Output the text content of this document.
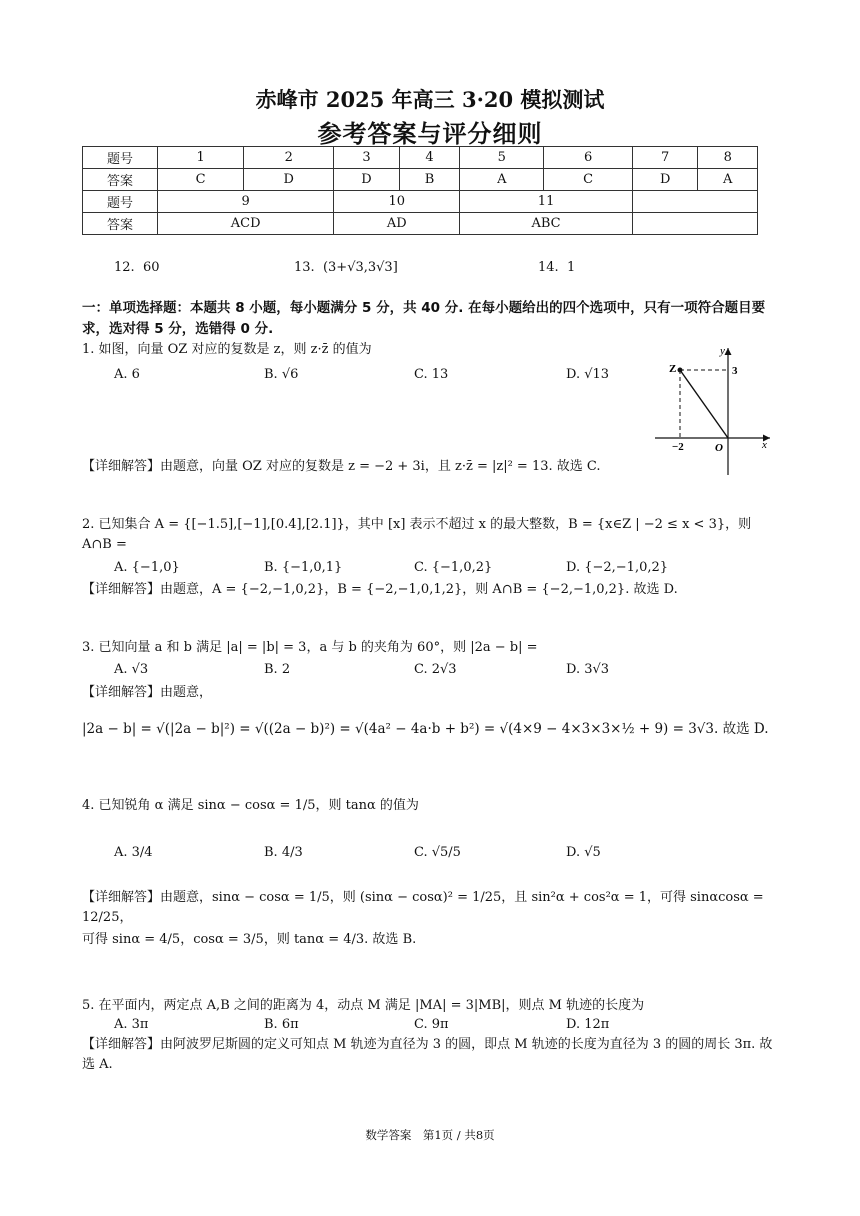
赤峰市 2025 年高三 3·20 模拟测试
参考答案与评分细则
题号	1	2	3	4	5	6	7	8
答案	C	D	D	B	A	C	D	A
题号	9		10		11			
答案	ACD		AD		ABC			
12. 60	13. (3+√3,3√3]	14. 1
一：单项选择题：本题共 8 小题，每小题满分 5 分，共 40 分. 在每小题给出的四个选项中，只有一项符合题目要求，选对得 5 分，选错得 0 分.
1. 如图，向量 OZ 对应的复数是 z，则 z·z̄ 的值为
A. 6	B. √6	C. 13	D. √13
y
x
Z	3
−2	O
【详细解答】由题意，向量 OZ 对应的复数是 z = −2 + 3i，且 z·z̄ = |z|² = 13. 故选 C.
2. 已知集合 A = {[−1.5],[−1],[0.4],[2.1]}，其中 [x] 表示不超过 x 的最大整数，B = {x∈Z | −2 ≤ x < 3}，则 A∩B =
A. {−1,0}	B. {−1,0,1}	C. {−1,0,2}	D. {−2,−1,0,2}
【详细解答】由题意，A = {−2,−1,0,2}，B = {−2,−1,0,1,2}，则 A∩B = {−2,−1,0,2}. 故选 D.
3. 已知向量 a 和 b 满足 |a| = |b| = 3，a 与 b 的夹角为 60°，则 |2a − b| =
A. √3	B. 2	C. 2√3	D. 3√3
【详细解答】由题意，
|2a − b| = √(|2a − b|²) = √((2a − b)²) = √(4a² − 4a·b + b²) = √(4×9 − 4×3×3×½ + 9) = 3√3. 故选 D.
4. 已知锐角 α 满足 sinα − cosα = 1/5，则 tanα 的值为
A. 3/4	B. 4/3	C. √5/5	D. √5
【详细解答】由题意，sinα − cosα = 1/5，则 (sinα − cosα)² = 1/25，且 sin²α + cos²α = 1，可得 sinαcosα = 12/25，
可得 sinα = 4/5，cosα = 3/5，则 tanα = 4/3. 故选 B.
5. 在平面内，两定点 A,B 之间的距离为 4，动点 M 满足 |MA| = 3|MB|，则点 M 轨迹的长度为
A. 3π	B. 6π	C. 9π	D. 12π
【详细解答】由阿波罗尼斯圆的定义可知点 M 轨迹为直径为 3 的圆，即点 M 轨迹的长度为直径为 3 的圆的周长 3π. 故选 A.
数学答案　第1页 / 共8页
